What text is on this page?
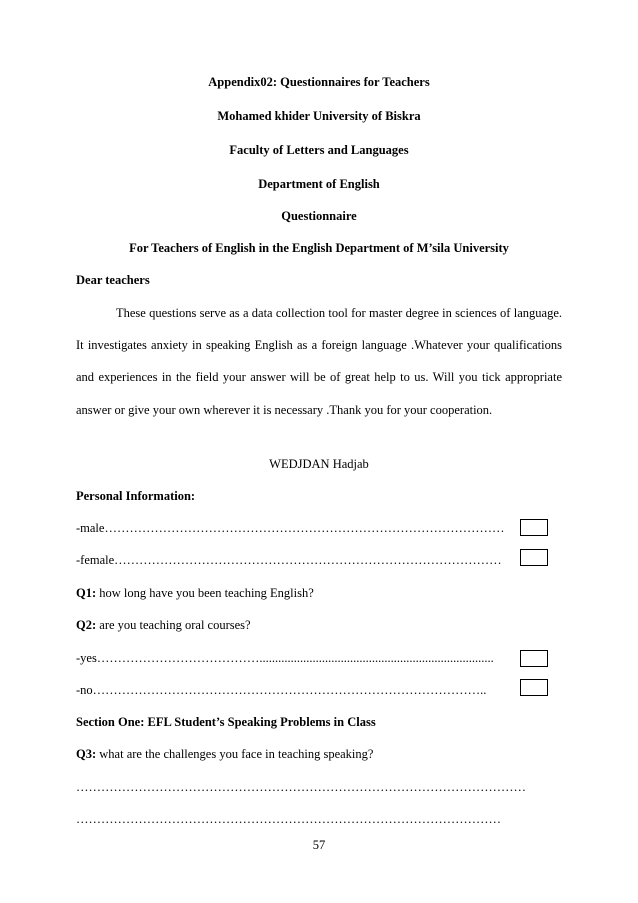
Appendix02: Questionnaires for Teachers
Mohamed khider University of Biskra
Faculty of Letters and Languages
Department of English
Questionnaire
For Teachers of English in the English Department of M’sila University
Dear teachers
These questions serve as a data collection tool for master degree in sciences of language. It investigates anxiety in speaking English as a foreign language .Whatever your qualifications and experiences in the field your answer will be of great help to us. Will you tick appropriate answer or give your own wherever it is necessary .Thank you for your cooperation.
WEDJDAN Hadjab
Personal Information:
-male……………………………………………………………………………………
-female…………………………………………………………………………………
Q1: how long have you been teaching English?
Q2: are you teaching oral courses?
-yes…………………………………...........................................................................
-no…………………………………………………………………………………..
Section One: EFL Student’s Speaking Problems in Class
Q3: what are the challenges you face in teaching speaking?
………………………………………………………………………………………………
…………………………………………………………………………………………
57
